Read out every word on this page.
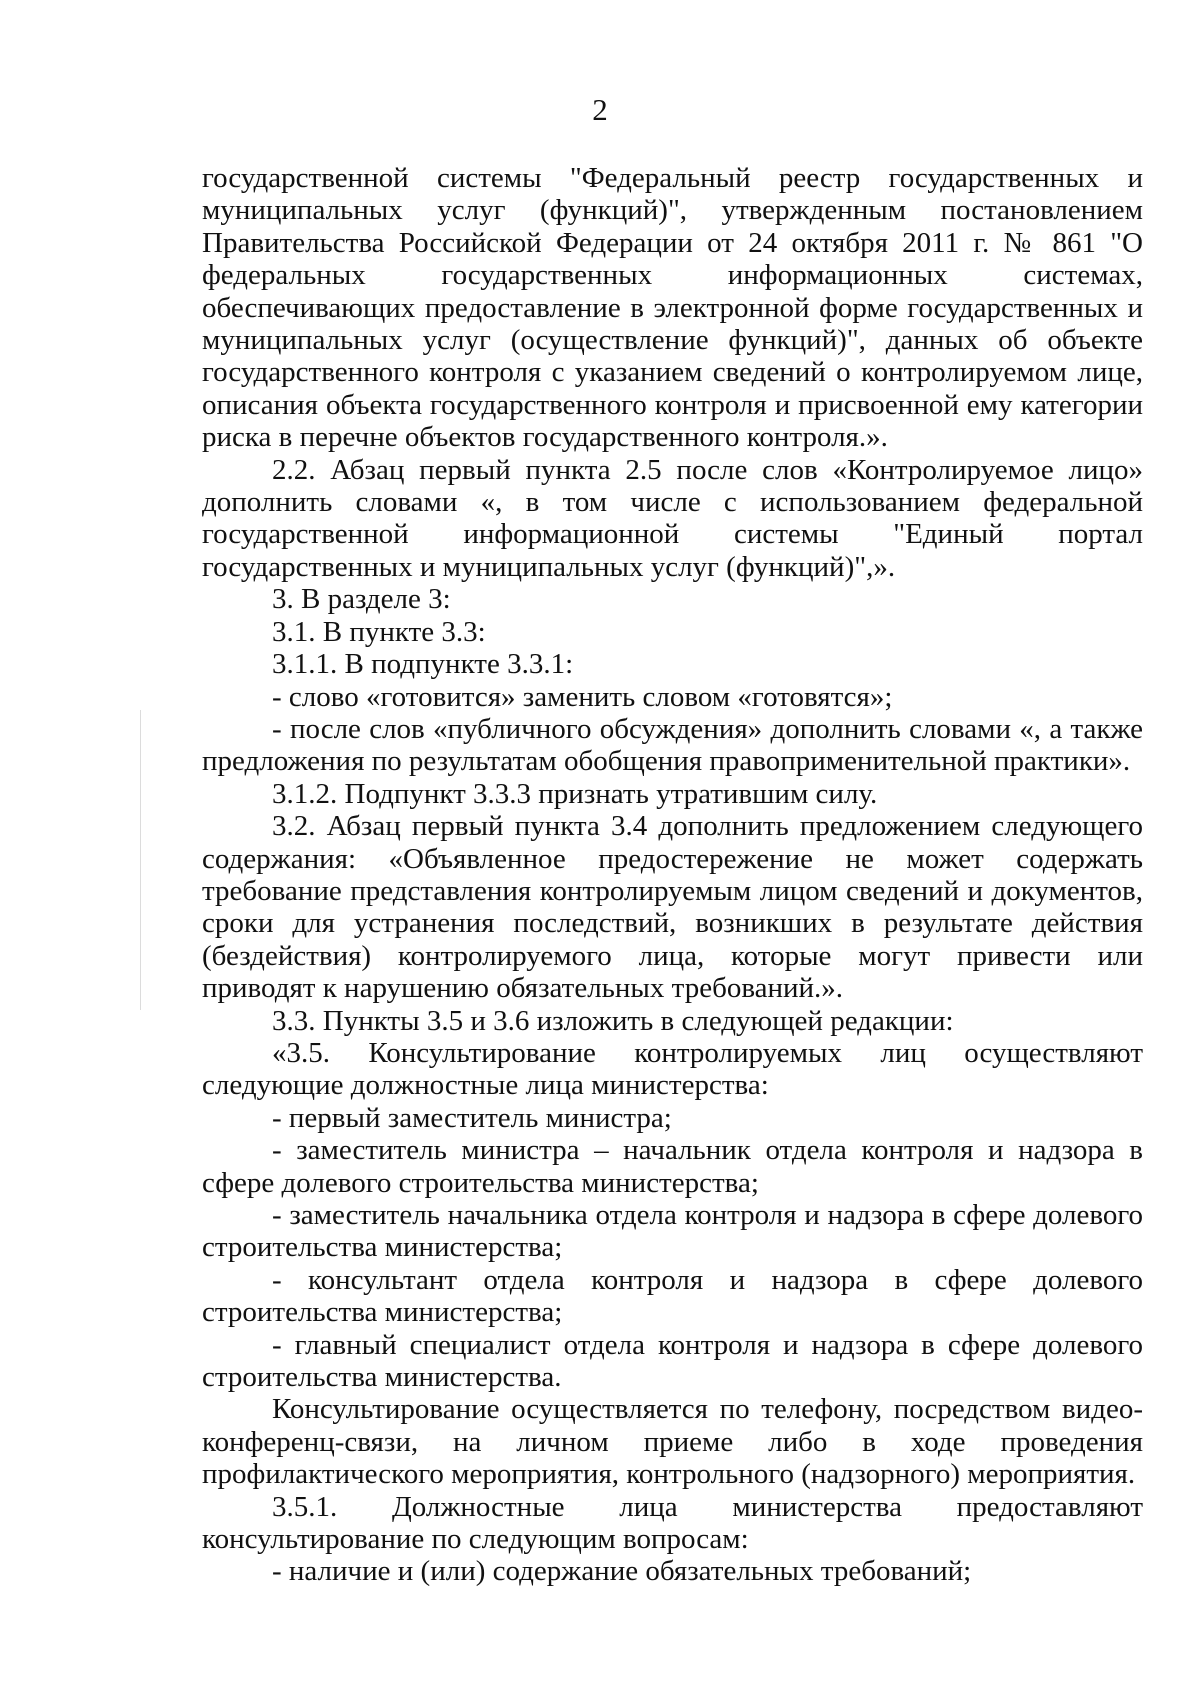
2

государственной системы "Федеральный реестр государственных и муниципальных услуг (функций)", утвержденным постановлением Правительства Российской Федерации от 24 октября 2011 г. № 861 "О федеральных государственных информационных системах, обеспечивающих предоставление в электронной форме государственных и муниципальных услуг (осуществление функций)", данных об объекте государственного контроля с указанием сведений о контролируемом лице, описания объекта государственного контроля и присвоенной ему категории риска в перечне объектов государственного контроля.».

2.2. Абзац первый пункта 2.5 после слов «Контролируемое лицо» дополнить словами «, в том числе с использованием федеральной государственной информационной системы "Единый портал государственных и муниципальных услуг (функций)",».

3. В разделе 3:

3.1. В пункте 3.3:

3.1.1. В подпункте 3.3.1:

- слово «готовится» заменить словом «готовятся»;

- после слов «публичного обсуждения» дополнить словами «, а также предложения по результатам обобщения правоприменительной практики».

3.1.2. Подпункт 3.3.3 признать утратившим силу.

3.2. Абзац первый пункта 3.4 дополнить предложением следующего содержания: «Объявленное предостережение не может содержать требование представления контролируемым лицом сведений и документов, сроки для устранения последствий, возникших в результате действия (бездействия) контролируемого лица, которые могут привести или приводят к нарушению обязательных требований.».

3.3. Пункты 3.5 и 3.6 изложить в следующей редакции:

«3.5. Консультирование контролируемых лиц осуществляют следующие должностные лица министерства:

- первый заместитель министра;

- заместитель министра – начальник отдела контроля и надзора в сфере долевого строительства министерства;

- заместитель начальника отдела контроля и надзора в сфере долевого строительства министерства;

- консультант отдела контроля и надзора в сфере долевого строительства министерства;

- главный специалист отдела контроля и надзора в сфере долевого строительства министерства.

Консультирование осуществляется по телефону, посредством видео-конференц-связи, на личном приеме либо в ходе проведения профилактического мероприятия, контрольного (надзорного) мероприятия.

3.5.1. Должностные лица министерства предоставляют консультирование по следующим вопросам:

- наличие и (или) содержание обязательных требований;
